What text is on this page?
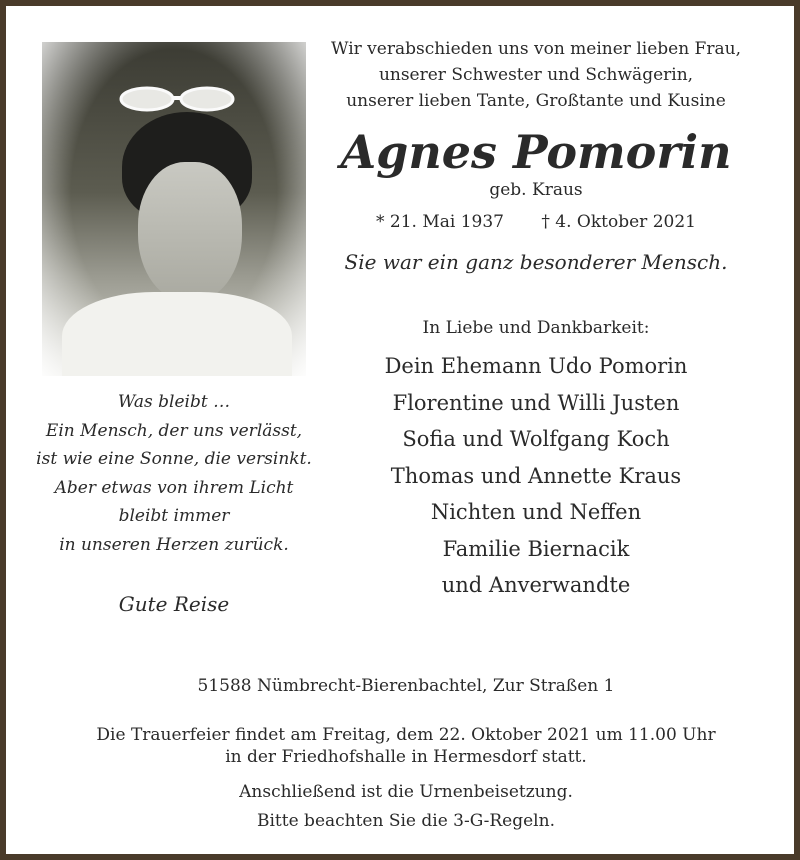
Wir verabschieden uns von meiner lieben Frau,
unserer Schwester und Schwägerin,
unserer lieben Tante, Großtante und Kusine
Agnes Pomorin
geb. Kraus
* 21. Mai 1937 † 4. Oktober 2021
Sie war ein ganz besonderer Mensch.
In Liebe und Dankbarkeit:
Dein Ehemann Udo Pomorin
Florentine und Willi Justen
Sofia und Wolfgang Koch
Thomas und Annette Kraus
Nichten und Neffen
Familie Biernacik
und Anverwandte
Was bleibt …
Ein Mensch, der uns verlässt,
ist wie eine Sonne, die versinkt.
Aber etwas von ihrem Licht
bleibt immer
in unseren Herzen zurück.
Gute Reise
51588 Nümbrecht-Bierenbachtel, Zur Straßen 1
Die Trauerfeier findet am Freitag, dem 22. Oktober 2021 um 11.00 Uhr
in der Friedhofshalle in Hermesdorf statt.
Anschließend ist die Urnenbeisetzung.
Bitte beachten Sie die 3-G-Regeln.
